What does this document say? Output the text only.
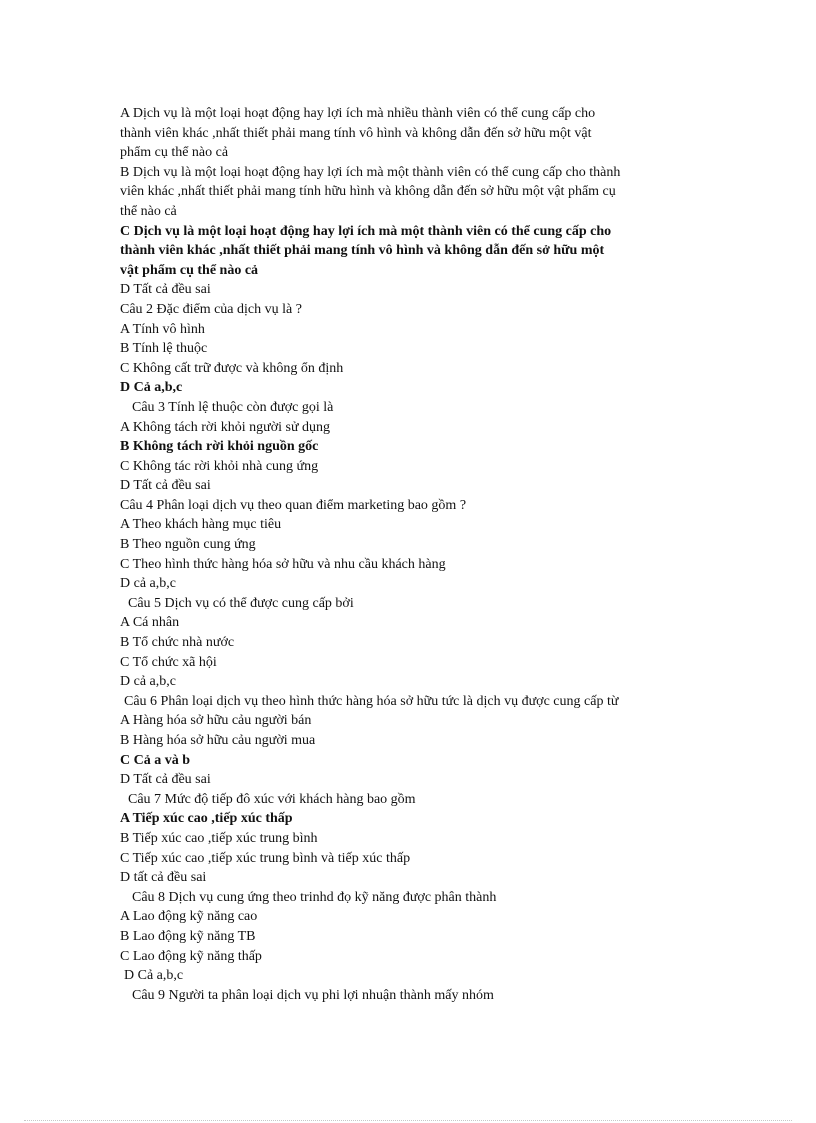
A Dịch vụ là một loại hoạt động hay lợi ích mà nhiều thành viên có thể cung cấp cho

thành viên khác ,nhất thiết phải mang tính vô hình và không dẫn đến sở hữu một vật

phẩm cụ thể nào cả

B Dịch vụ là một loại hoạt động hay lợi ích mà một thành viên có thể cung cấp cho thành

viên khác ,nhất thiết phải mang tính hữu hình và không dẫn đến sở hữu một vật phẩm cụ

thể nào cả

C Dịch vụ là một loại hoạt động hay lợi ích mà một thành viên có thể cung cấp cho

thành viên khác ,nhất thiết phải mang tính vô hình và không dẫn đến sở hữu một

vật phẩm cụ thể nào cả

D Tất cả đều sai

Câu 2 Đặc điểm của dịch vụ là ?

A Tính vô hình

B Tính lệ thuộc

C Không cất trữ được và không ổn định

D Cả a,b,c

Câu 3 Tính lệ thuộc còn được gọi là

A Không tách rời khỏi người sử dụng

B Không tách rời khỏi nguồn gốc

C Không tác rời khỏi nhà cung ứng

D Tất cả đều sai

Câu 4 Phân loại dịch vụ theo quan điểm marketing bao gồm ?

A Theo khách hàng mục tiêu

B Theo nguồn cung ứng

C Theo hình thức hàng hóa sở hữu và nhu cầu khách hàng

D cả a,b,c

Câu 5 Dịch vụ có thể được cung cấp bởi

A Cá nhân

B Tổ chức nhà nước

C Tổ chức xã hội

D cả a,b,c

Câu 6 Phân loại dịch vụ theo hình thức hàng hóa sở hữu tức là dịch vụ được cung cấp từ

A Hàng hóa sở hữu cảu người bán

B Hàng hóa sở hữu cảu người mua

C Cả a và b

D Tất cả đều sai

Câu 7 Mức độ tiếp đô xúc với khách hàng bao gồm

A Tiếp xúc cao ,tiếp xúc thấp

B Tiếp xúc cao ,tiếp xúc trung bình

C Tiếp xúc cao ,tiếp xúc trung bình và tiếp xúc thấp

D tất cả đều sai

Câu 8 Dịch vụ cung ứng theo trinhd đọ kỹ năng được phân thành

A Lao động kỹ năng cao

B Lao động kỹ năng TB

C Lao động kỹ năng thấp

D Cả a,b,c

Câu 9 Người ta phân loại dịch vụ phi lợi nhuận thành mấy nhóm
